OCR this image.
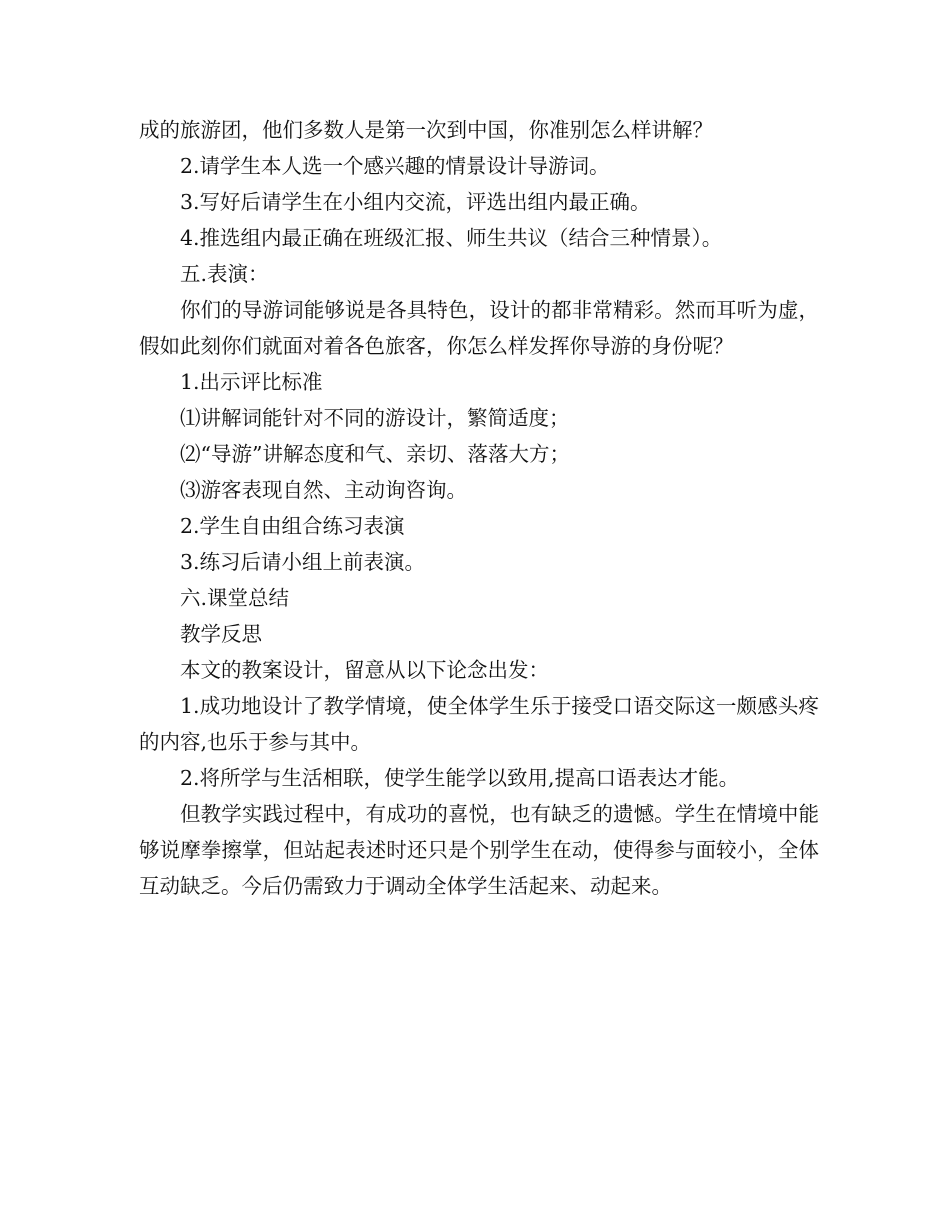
成的旅游团，他们多数人是第一次到中国，你准别怎么样讲解？

2.请学生本人选一个感兴趣的情景设计导游词。

3.写好后请学生在小组内交流，评选出组内最正确。

4.推选组内最正确在班级汇报、师生共议（结合三种情景）。

五.表演：

你们的导游词能够说是各具特色，设计的都非常精彩。然而耳听为虚，假如此刻你们就面对着各色旅客，你怎么样发挥你导游的身份呢？

1.出示评比标准

⑴讲解词能针对不同的游设计，繁简适度；

⑵“导游”讲解态度和气、亲切、落落大方；

⑶游客表现自然、主动询咨询。

2.学生自由组合练习表演

3.练习后请小组上前表演。

六.课堂总结

教学反思

本文的教案设计，留意从以下论念出发：

1.成功地设计了教学情境，使全体学生乐于接受口语交际这一颇感头疼的内容,也乐于参与其中。

2.将所学与生活相联，使学生能学以致用,提高口语表达才能。

但教学实践过程中，有成功的喜悦，也有缺乏的遗憾。学生在情境中能够说摩拳擦掌，但站起表述时还只是个别学生在动，使得参与面较小，全体互动缺乏。今后仍需致力于调动全体学生活起来、动起来。
